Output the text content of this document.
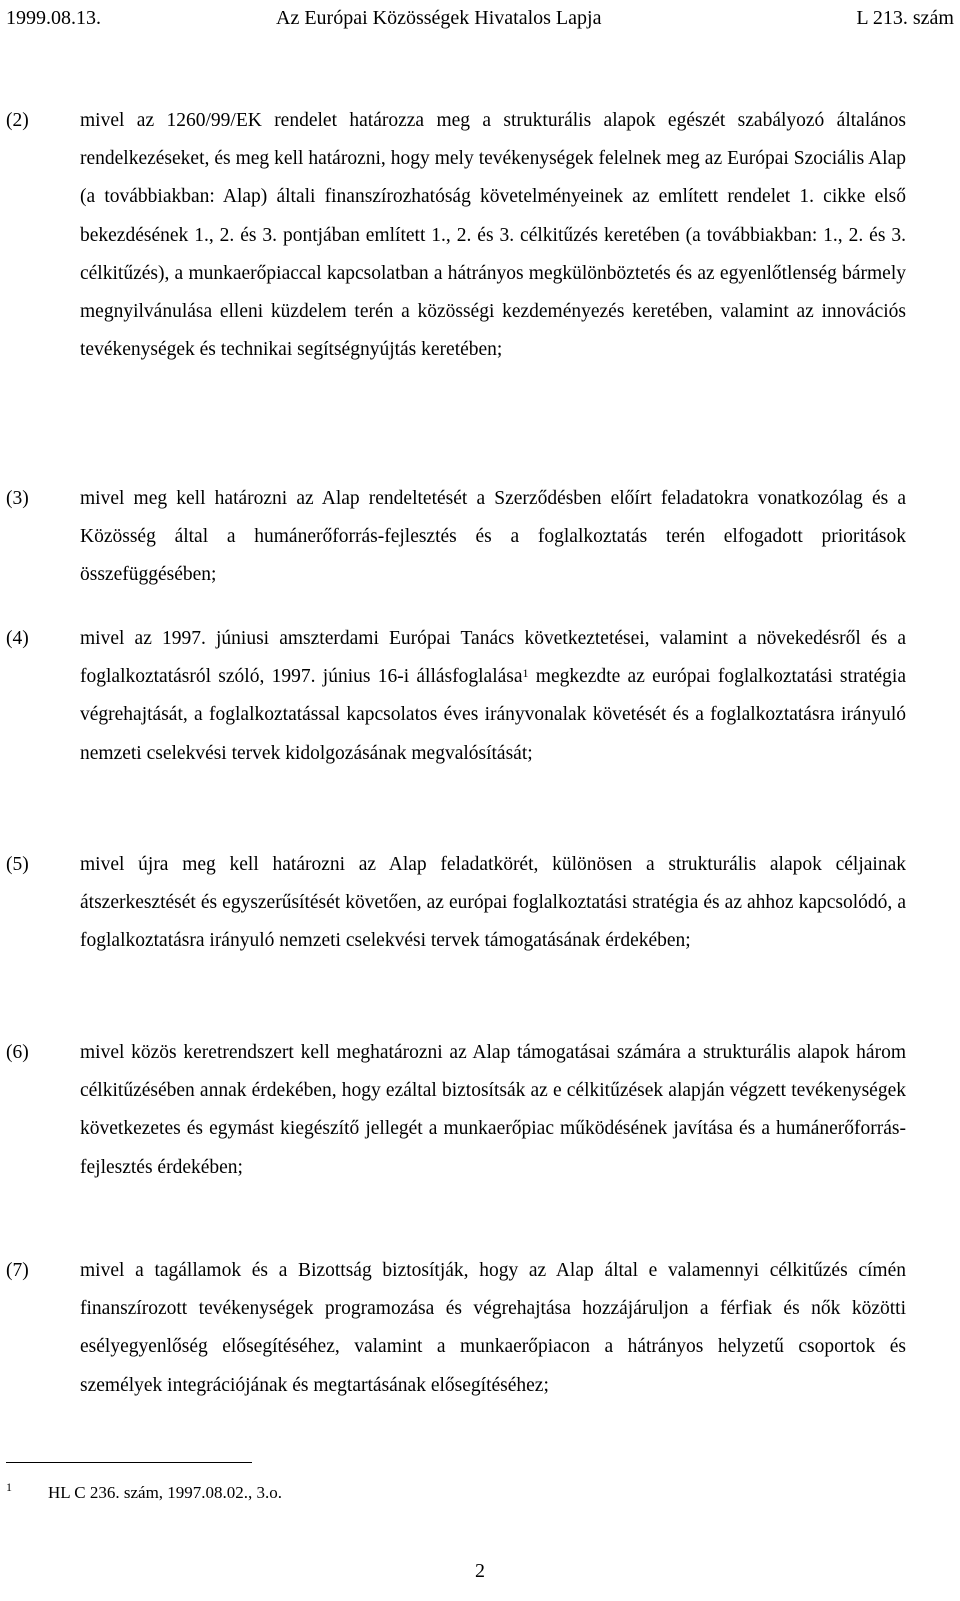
1999.08.13.	Az Európai Közösségek Hivatalos Lapja	L 213. szám
(2)	mivel az 1260/99/EK rendelet határozza meg a strukturális alapok egészét szabályozó általános rendelkezéseket, és meg kell határozni, hogy mely tevékenységek felelnek meg az Európai Szociális Alap (a továbbiakban: Alap) általi finanszírozhatóság követelményeinek az említett rendelet 1. cikke első bekezdésének 1., 2. és 3. pontjában említett 1., 2. és 3. célkitűzés keretében (a továbbiakban: 1., 2. és 3. célkitűzés), a munkaerőpiaccal kapcsolatban a hátrányos megkülönböztetés és az egyenlőtlenség bármely megnyilvánulása elleni küzdelem terén a közösségi kezdeményezés keretében, valamint az innovációs tevékenységek és technikai segítségnyújtás keretében;
(3)	mivel meg kell határozni az Alap rendeltetését a Szerződésben előírt feladatokra vonatkozólag és a Közösség által a humánerőforrás-fejlesztés és a foglalkoztatás terén elfogadott prioritások összefüggésében;
(4)	mivel az 1997. júniusi amszterdami Európai Tanács következtetései, valamint a növekedésről és a foglalkoztatásról szóló, 1997. június 16-i állásfoglalása$^1$ megkezdte az európai foglalkoztatási stratégia végrehajtását, a foglalkoztatással kapcsolatos éves irányvonalak követését és a foglalkoztatásra irányuló nemzeti cselekvési tervek kidolgozásának megvalósítását;
(5)	mivel újra meg kell határozni az Alap feladatkörét, különösen a strukturális alapok céljainak átszerkesztését és egyszerűsítését követően, az európai foglalkoztatási stratégia és az ahhoz kapcsolódó, a foglalkoztatásra irányuló nemzeti cselekvési tervek támogatásának érdekében;
(6)	mivel közös keretrendszert kell meghatározni az Alap támogatásai számára a strukturális alapok három célkitűzésében annak érdekében, hogy ezáltal biztosítsák az e célkitűzések alapján végzett tevékenységek következetes és egymást kiegészítő jellegét a munkaerőpiac működésének javítása és a humánerőforrás-fejlesztés érdekében;
(7)	mivel a tagállamok és a Bizottság biztosítják, hogy az Alap által e valamennyi célkitűzés címén finanszírozott tevékenységek programozása és végrehajtása hozzájáruljon a férfiak és nők közötti esélyegyenlőség elősegítéséhez, valamint a munkaerőpiacon a hátrányos helyzetű csoportok és személyek integrációjának és megtartásának elősegítéséhez;
1 HL C 236. szám, 1997.08.02., 3.o.
2
